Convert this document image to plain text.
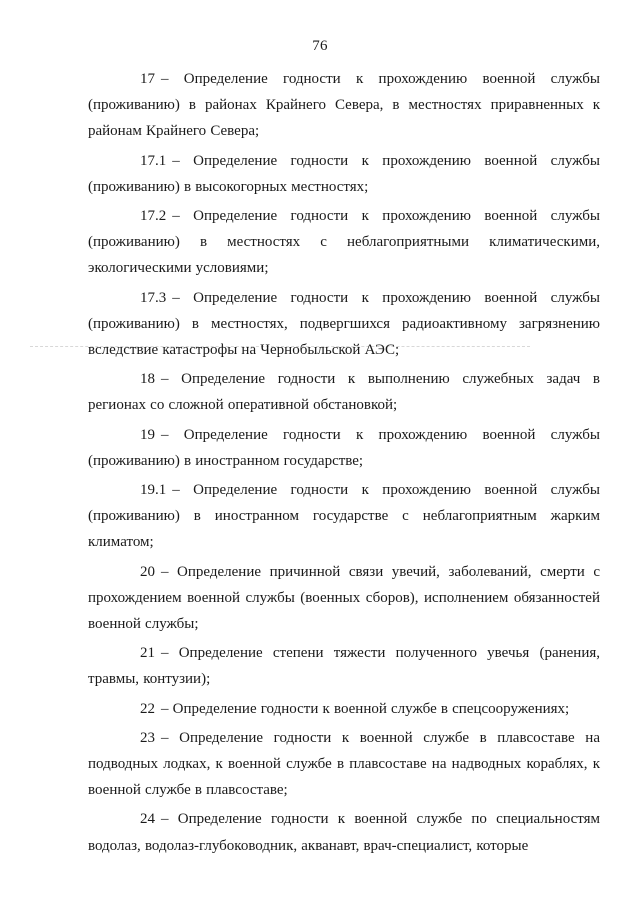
76

17 – Определение годности к прохождению военной службы (проживанию) в районах Крайнего Севера, в местностях приравненных к районам Крайнего Севера;

17.1 – Определение годности к прохождению военной службы (проживанию) в высокогорных местностях;

17.2 – Определение годности к прохождению военной службы (проживанию) в местностях с неблагоприятными климатическими, экологическими условиями;

17.3 – Определение годности к прохождению военной службы (проживанию) в местностях, подвергшихся радиоактивному загрязнению вследствие катастрофы на Чернобыльской АЭС;

18 – Определение годности к выполнению служебных задач в регионах со сложной оперативной обстановкой;

19 – Определение годности к прохождению военной службы (проживанию) в иностранном государстве;

19.1 – Определение годности к прохождению военной службы (проживанию) в иностранном государстве с неблагоприятным жарким климатом;

20 – Определение причинной связи увечий, заболеваний, смерти с прохождением военной службы (военных сборов), исполнением обязанностей военной службы;

21 – Определение степени тяжести полученного увечья (ранения, травмы, контузии);

22 – Определение годности к военной службе в спецсооружениях;

23 – Определение годности к военной службе в плавсоставе на подводных лодках, к военной службе в плавсоставе на надводных кораблях, к военной службе в плавсоставе;

24 – Определение годности к военной службе по специальностям водолаз, водолаз-глубоководник, акванавт, врач-специалист, которые
